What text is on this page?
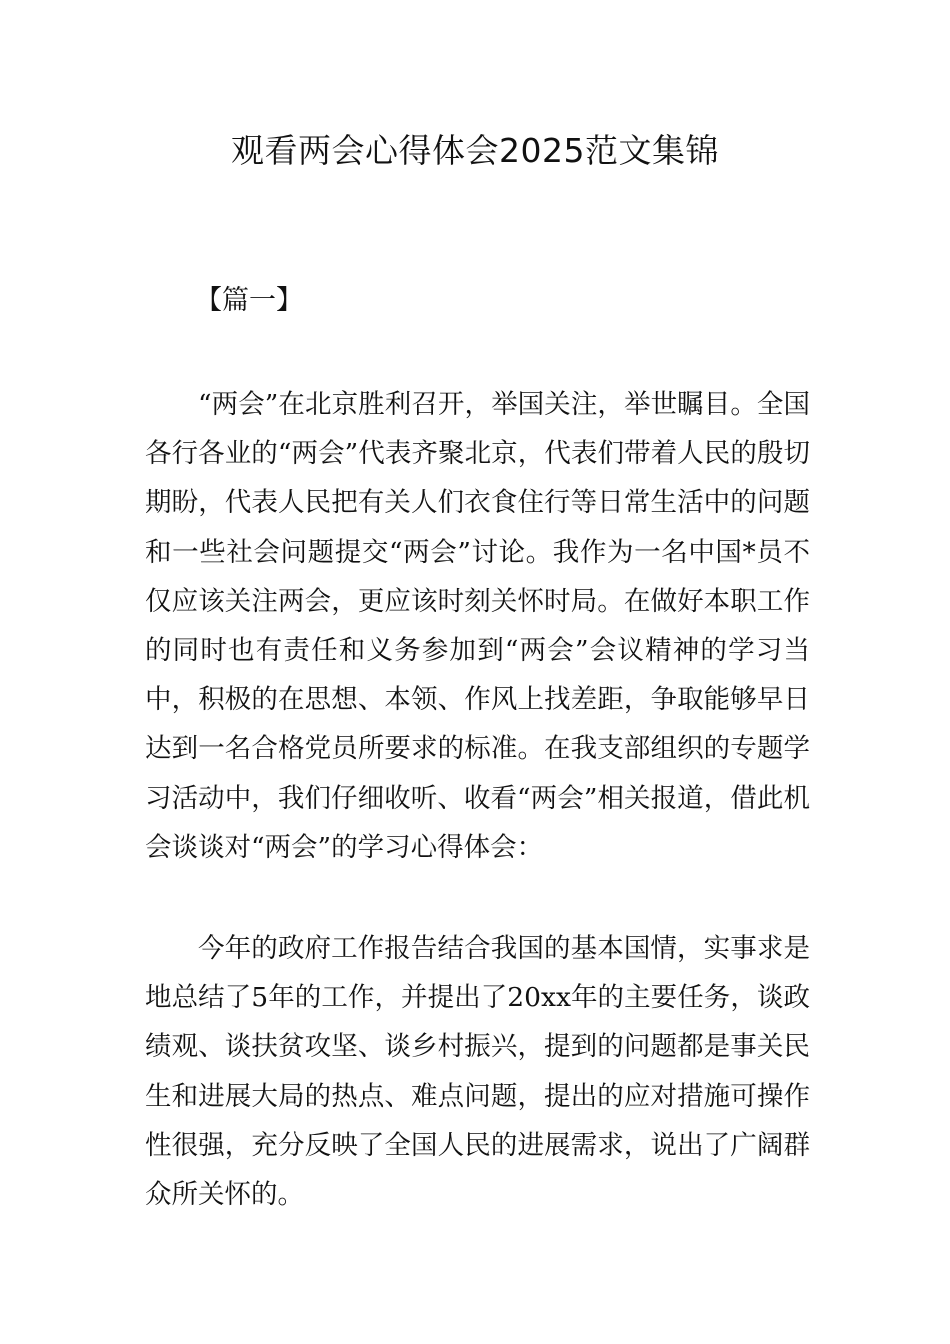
观看两会心得体会2025范文集锦

【篇一】

“两会”在北京胜利召开，举国关注，举世瞩目。全国各行各业的“两会”代表齐聚北京，代表们带着人民的殷切期盼，代表人民把有关人们衣食住行等日常生活中的问题和一些社会问题提交“两会”讨论。我作为一名中国*员不仅应该关注两会，更应该时刻关怀时局。在做好本职工作的同时也有责任和义务参加到“两会”会议精神的学习当中，积极的在思想、本领、作风上找差距，争取能够早日达到一名合格党员所要求的标准。在我支部组织的专题学习活动中，我们仔细收听、收看“两会”相关报道，借此机会谈谈对“两会”的学习心得体会：

今年的政府工作报告结合我国的基本国情，实事求是地总结了5年的工作，并提出了20xx年的主要任务，谈政绩观、谈扶贫攻坚、谈乡村振兴，提到的问题都是事关民生和进展大局的热点、难点问题，提出的应对措施可操作性很强，充分反映了全国人民的进展需求，说出了广阔群众所关怀的。
